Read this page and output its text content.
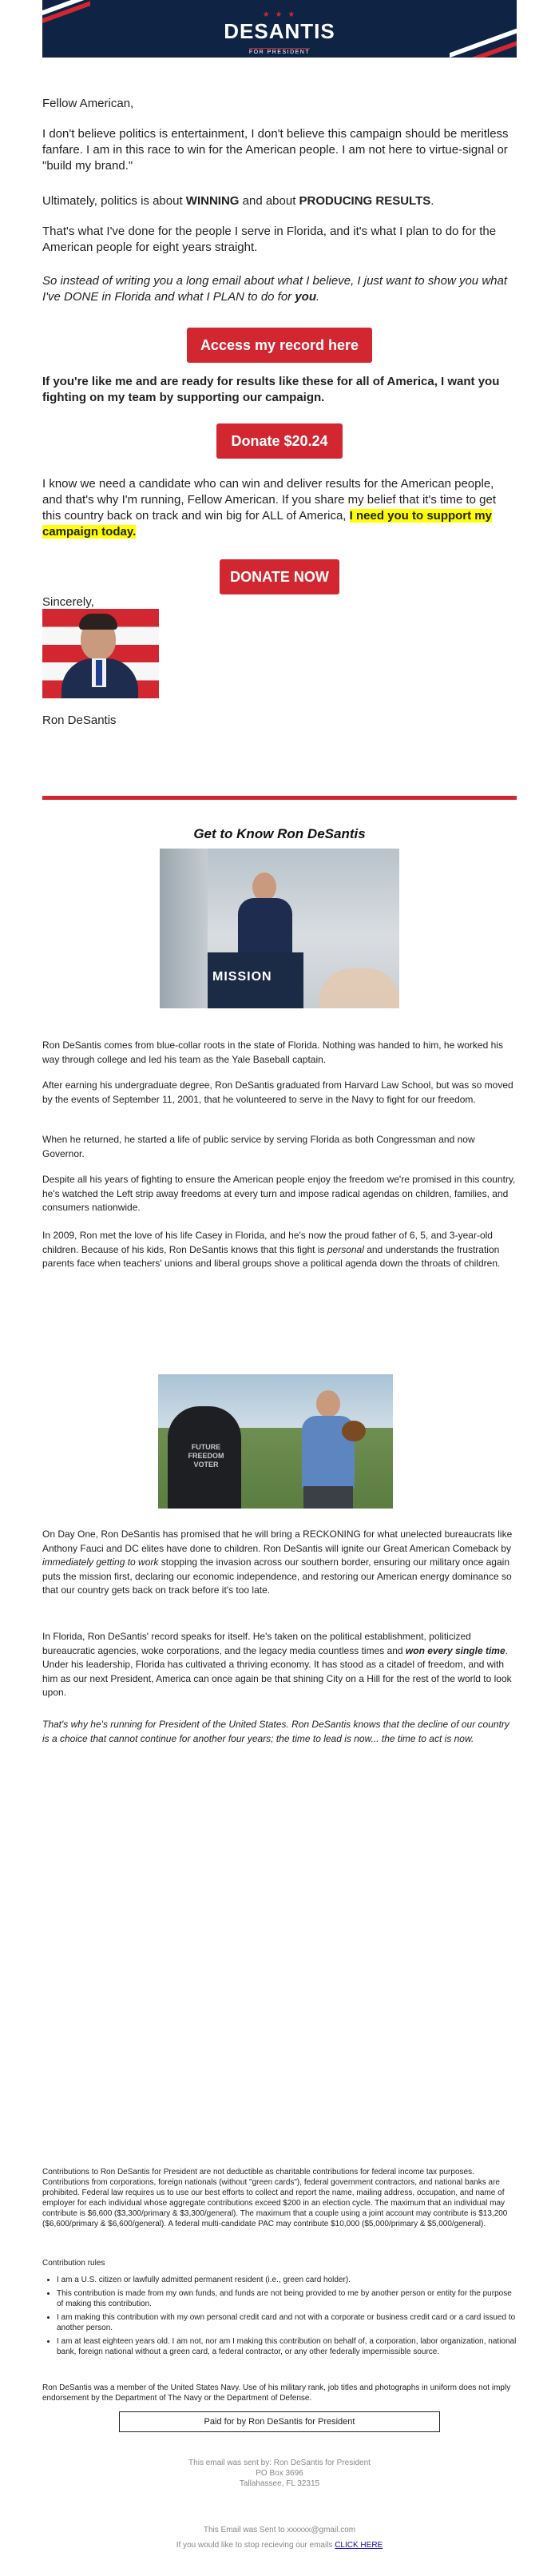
★ ★ ★
DESANTIS
FOR PRESIDENT

Fellow American,

I don't believe politics is entertainment, I don't believe this campaign should be meritless fanfare. I am in this race to win for the American people. I am not here to virtue-signal or "build my brand."

Ultimately, politics is about WINNING and about PRODUCING RESULTS.

That's what I've done for the people I serve in Florida, and it's what I plan to do for the American people for eight years straight.

So instead of writing you a long email about what I believe, I just want to show you what I've DONE in Florida and what I PLAN to do for you.

Access my record here

If you're like me and are ready for results like these for all of America, I want you fighting on my team by supporting our campaign.

Donate $20.24

I know we need a candidate who can win and deliver results for the American people, and that's why I'm running, Fellow American. If you share my belief that it's time to get this country back on track and win big for ALL of America, I need you to support my campaign today.

DONATE NOW

Sincerely,

Ron DeSantis

Get to Know Ron DeSantis
MISSION

Ron DeSantis comes from blue-collar roots in the state of Florida. Nothing was handed to him, he worked his way through college and led his team as the Yale Baseball captain.

After earning his undergraduate degree, Ron DeSantis graduated from Harvard Law School, but was so moved by the events of September 11, 2001, that he volunteered to serve in the Navy to fight for our freedom.

When he returned, he started a life of public service by serving Florida as both Congressman and now Governor.

Despite all his years of fighting to ensure the American people enjoy the freedom we're promised in this country, he's watched the Left strip away freedoms at every turn and impose radical agendas on children, families, and consumers nationwide.

In 2009, Ron met the love of his life Casey in Florida, and he's now the proud father of 6, 5, and 3-year-old children. Because of his kids, Ron DeSantis knows that this fight is personal and understands the frustration parents face when teachers' unions and liberal groups shove a political agenda down the throats of children.

FUTURE FREEDOM VOTER

On Day One, Ron DeSantis has promised that he will bring a RECKONING for what unelected bureaucrats like Anthony Fauci and DC elites have done to children. Ron DeSantis will ignite our Great American Comeback by immediately getting to work stopping the invasion across our southern border, ensuring our military once again puts the mission first, declaring our economic independence, and restoring our American energy dominance so that our country gets back on track before it's too late.

In Florida, Ron DeSantis' record speaks for itself. He's taken on the political establishment, politicized bureaucratic agencies, woke corporations, and the legacy media countless times and won every single time. Under his leadership, Florida has cultivated a thriving economy. It has stood as a citadel of freedom, and with him as our next President, America can once again be that shining City on a Hill for the rest of the world to look upon.

That's why he's running for President of the United States. Ron DeSantis knows that the decline of our country is a choice that cannot continue for another four years; the time to lead is now... the time to act is now.

Contributions to Ron DeSantis for President are not deductible as charitable contributions for federal income tax purposes. Contributions from corporations, foreign nationals (without "green cards"), federal government contractors, and national banks are prohibited. Federal law requires us to use our best efforts to collect and report the name, mailing address, occupation, and name of employer for each individual whose aggregate contributions exceed $200 in an election cycle. The maximum that an individual may contribute is $6,600 ($3,300/primary & $3,300/general). The maximum that a couple using a joint account may contribute is $13,200 ($6,600/primary & $6,600/general). A federal multi-candidate PAC may contribute $10,000 ($5,000/primary & $5,000/general).

Contribution rules

• I am a U.S. citizen or lawfully admitted permanent resident (i.e., green card holder).
• This contribution is made from my own funds, and funds are not being provided to me by another person or entity for the purpose of making this contribution.
• I am making this contribution with my own personal credit card and not with a corporate or business credit card or a card issued to another person.
• I am at least eighteen years old. I am not, nor am I making this contribution on behalf of, a corporation, labor organization, national bank, foreign national without a green card, a federal contractor, or any other federally impermissible source.

Ron DeSantis was a member of the United States Navy. Use of his military rank, job titles and photographs in uniform does not imply endorsement by the Department of The Navy or the Department of Defense.

Paid for by Ron DeSantis for President
This email was sent by: Ron DeSantis for President
PO Box 3696
Tallahassee, FL 32315
This Email was Sent to xxxxxx@gmail.com
If you would like to stop recieving our emails CLICK HERE
